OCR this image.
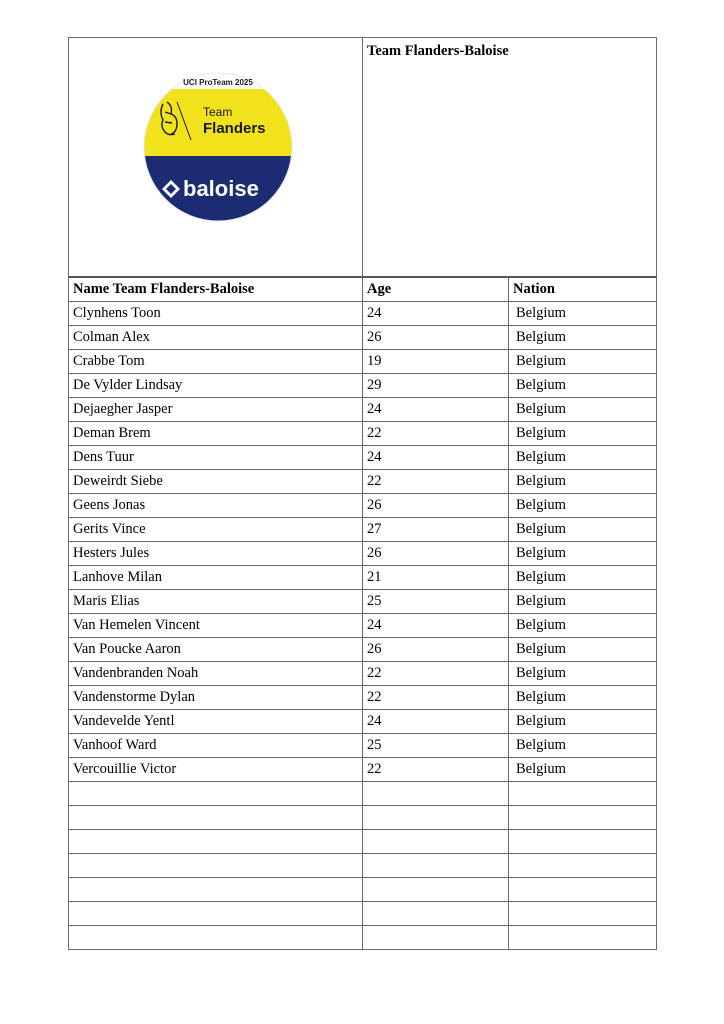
UCI ProTeam 2025
Team
Flanders
baloise	Team Flanders-Baloise	
Name Team Flanders-Baloise	Age	Nation
Clynhens Toon	24	Belgium
Colman Alex	26	Belgium
Crabbe Tom	19	Belgium
De Vylder Lindsay	29	Belgium
Dejaegher Jasper	24	Belgium
Deman Brem	22	Belgium
Dens Tuur	24	Belgium
Deweirdt Siebe	22	Belgium
Geens Jonas	26	Belgium
Gerits Vince	27	Belgium
Hesters Jules	26	Belgium
Lanhove Milan	21	Belgium
Maris Elias	25	Belgium
Van Hemelen Vincent	24	Belgium
Van Poucke Aaron	26	Belgium
Vandenbranden Noah	22	Belgium
Vandenstorme Dylan	22	Belgium
Vandevelde Yentl	24	Belgium
Vanhoof Ward	25	Belgium
Vercouillie Victor	22	Belgium
